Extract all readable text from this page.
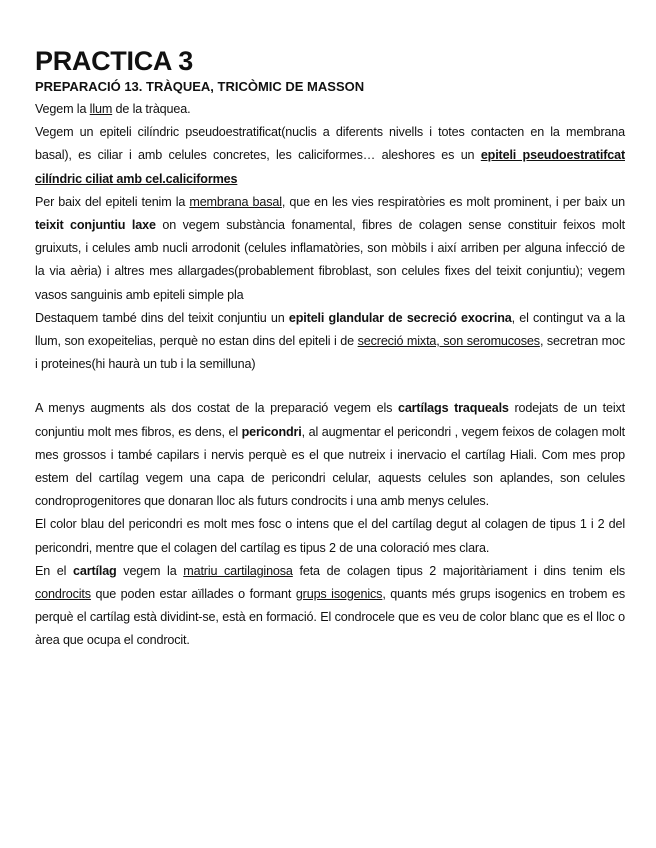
PRACTICA 3
PREPARACIÓ 13. TRÀQUEA, TRICÒMIC DE MASSON

Vegem la llum de la tràquea.

Vegem un epiteli cilíndric pseudoestratificat(nuclis a diferents nivells i totes contacten en la membrana basal), es ciliar i amb celules concretes, les caliciformes… aleshores es un epiteli pseudoestratifcat cilíndric ciliat amb cel.caliciformes

Per baix del epiteli tenim la membrana basal, que en les vies respiratòries es molt prominent, i per baix un teixit conjuntiu laxe on vegem substància fonamental, fibres de colagen sense constituir feixos molt gruixuts, i celules amb nucli arrodonit (celules inflamatòries, son mòbils i així arriben per alguna infecció de la via aèria) i altres mes allargades(probablement fibroblast, son celules fixes del teixit conjuntiu); vegem vasos sanguinis amb epiteli simple pla

Destaquem també dins del teixit conjuntiu un epiteli glandular de secreció exocrina, el contingut va a la llum, son exopeitelias, perquè no estan dins del epiteli i de secreció mixta, son seromucoses, secretran moc i proteines(hi haurà un tub i la semilluna)

A menys augments als dos costat de la preparació vegem els cartílags traqueals rodejats de un teixt conjuntiu molt mes fibros, es dens, el pericondri, al augmentar el pericondri , vegem feixos de colagen molt mes grossos i també capilars i nervis perquè es el que nutreix i inervacio el cartílag Hiali. Com mes prop estem del cartílag vegem una capa de pericondri celular, aquests celules son aplandes, son celules condroprogenitores que donaran lloc als futurs condrocits i una amb menys celules.

El color blau del pericondri es molt mes fosc o intens que el del cartílag degut al colagen de tipus 1 i 2 del pericondri, mentre que el colagen del cartílag es tipus 2 de una coloració mes clara.

En el cartílag vegem la matriu cartilaginosa feta de colagen tipus 2 majoritàriament i dins tenim els condrocits que poden estar aïllades o formant grups isogenics, quants més grups isogenics en trobem es perquè el cartílag està dividint-se, està en formació. El condrocele que es veu de color blanc que es el lloc o àrea que ocupa el condrocit.
